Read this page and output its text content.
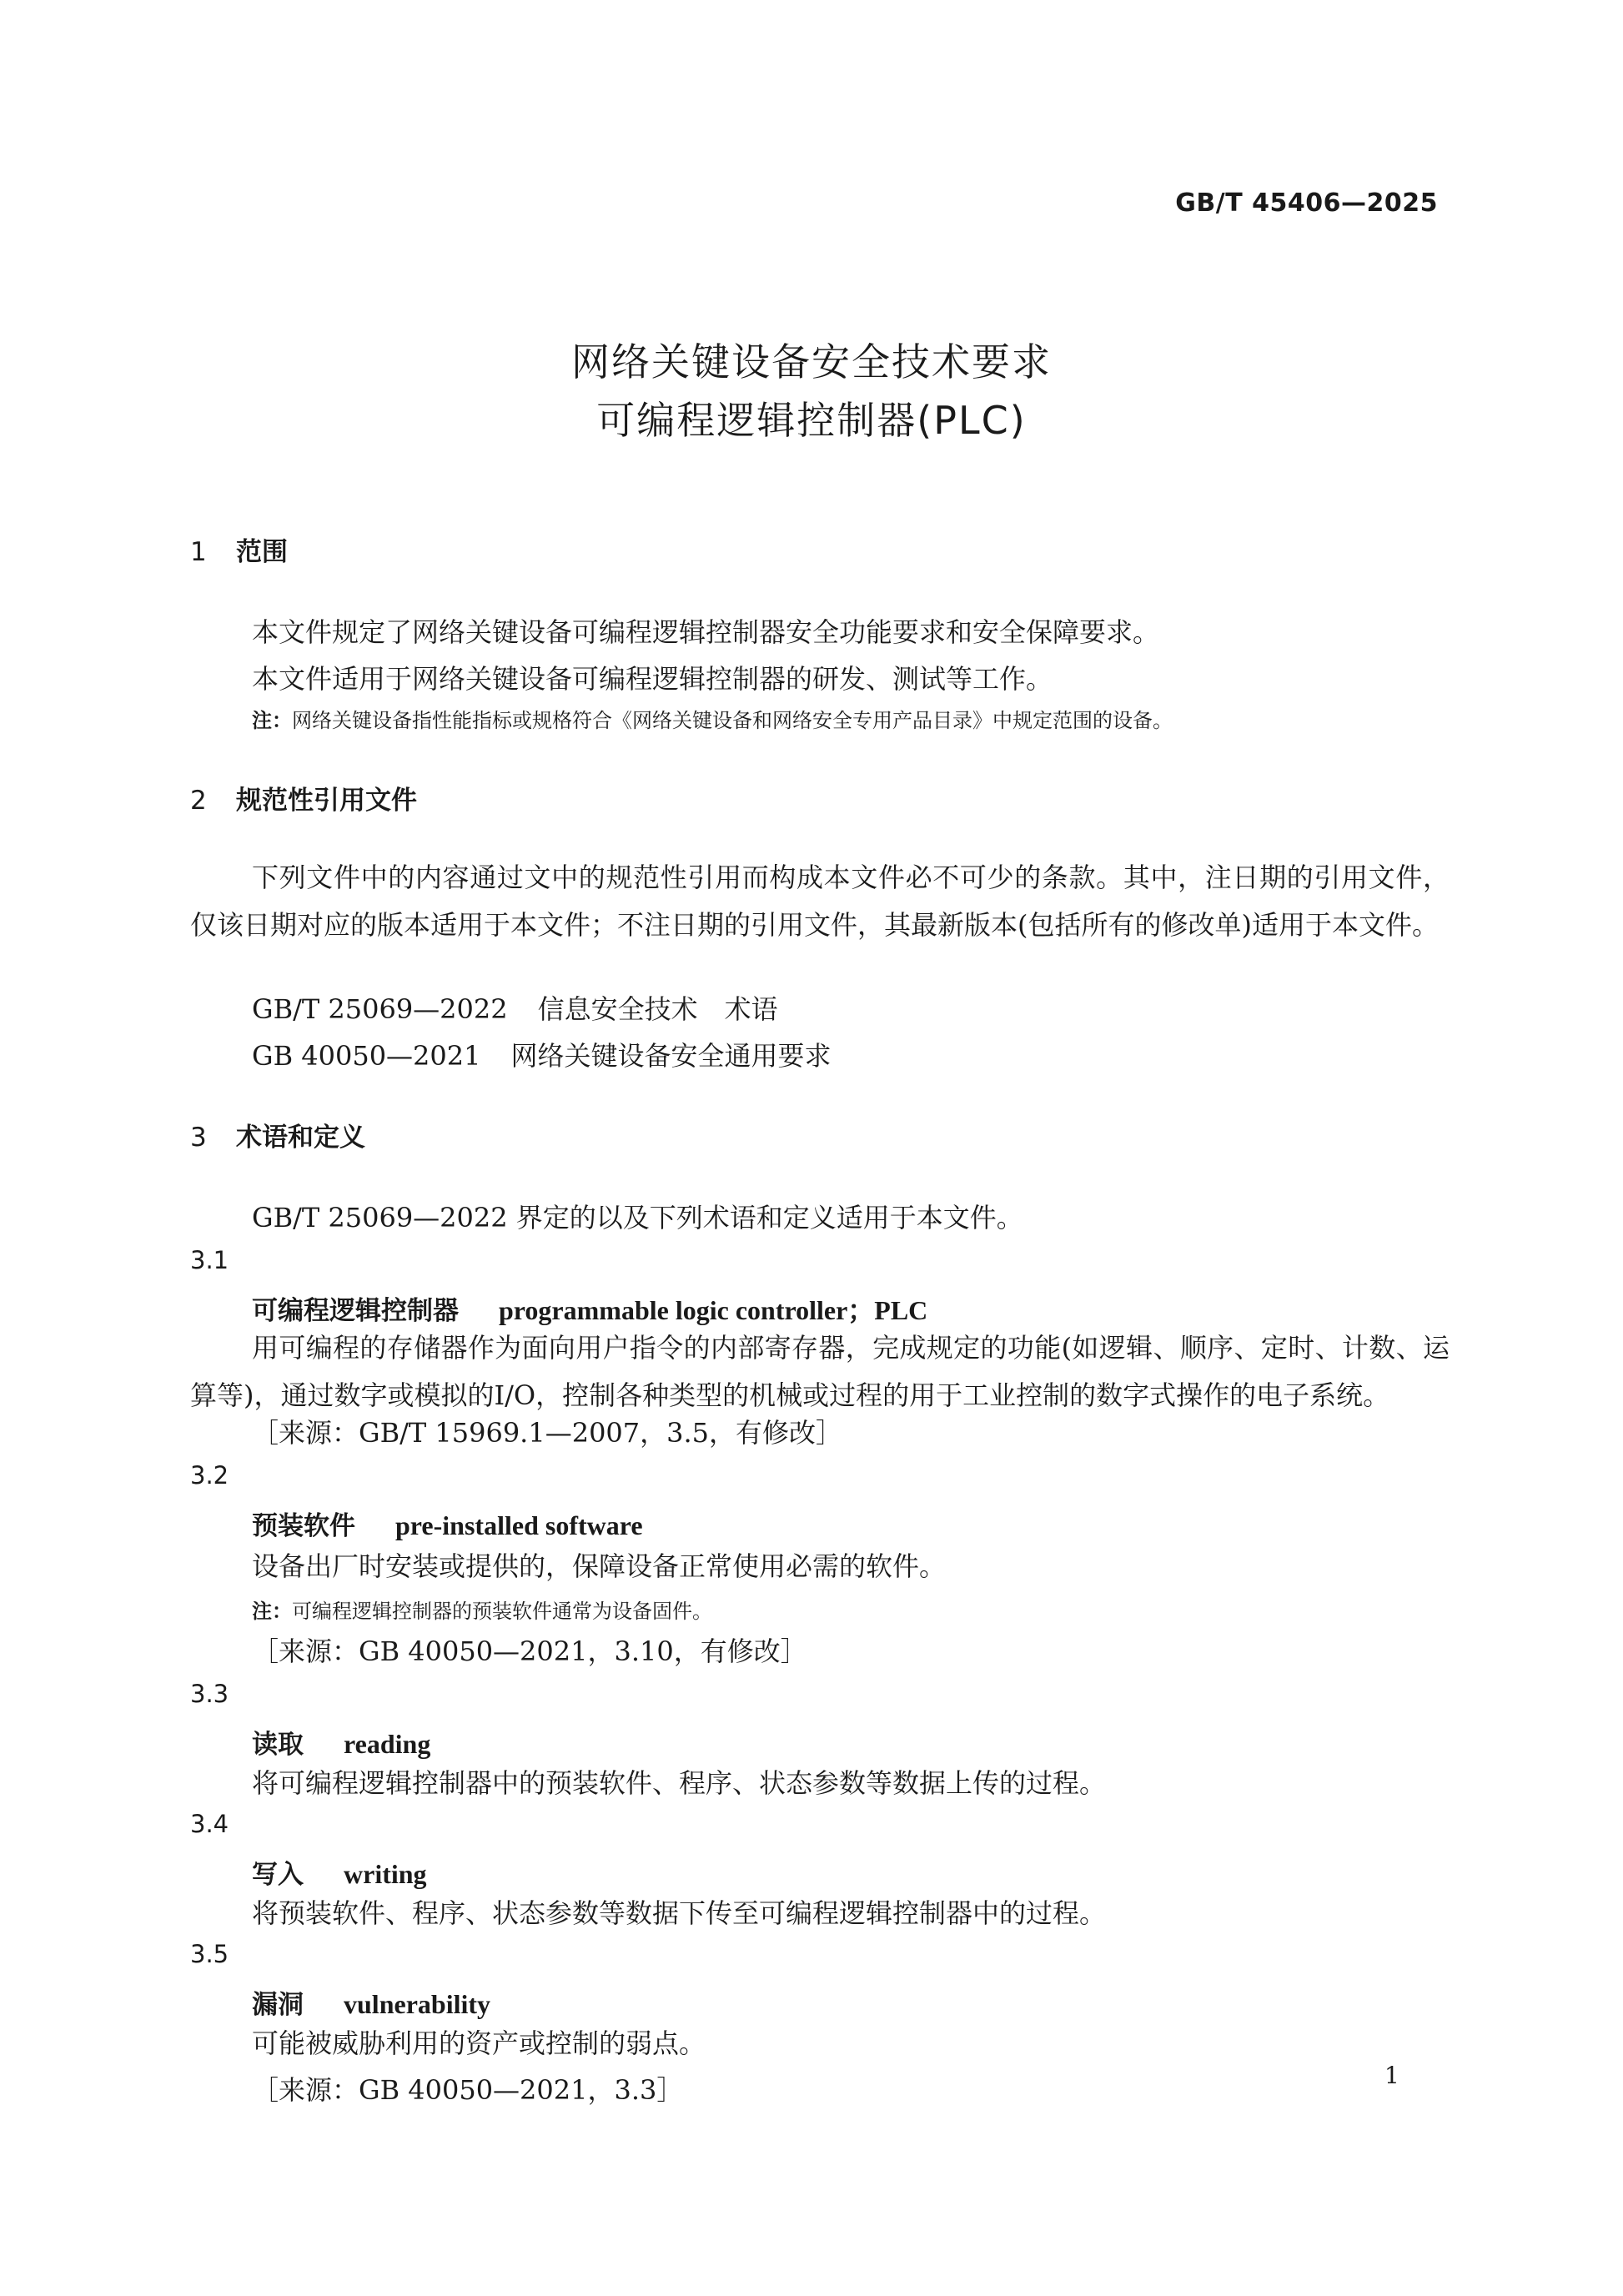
GB/T 45406—2025
网络关键设备安全技术要求
可编程逻辑控制器(PLC)
1 范围
本文件规定了网络关键设备可编程逻辑控制器安全功能要求和安全保障要求。
本文件适用于网络关键设备可编程逻辑控制器的研发、测试等工作。
注：网络关键设备指性能指标或规格符合《网络关键设备和网络安全专用产品目录》中规定范围的设备。
2 规范性引用文件
下列文件中的内容通过文中的规范性引用而构成本文件必不可少的条款。其中，注日期的引用文件，仅该日期对应的版本适用于本文件；不注日期的引用文件，其最新版本(包括所有的修改单)适用于本文件。
GB/T 25069—2022 信息安全技术　术语
GB 40050—2021 网络关键设备安全通用要求
3 术语和定义
GB/T 25069—2022 界定的以及下列术语和定义适用于本文件。
3.1
可编程逻辑控制器 programmable logic controller；PLC
用可编程的存储器作为面向用户指令的内部寄存器，完成规定的功能(如逻辑、顺序、定时、计数、运算等)，通过数字或模拟的I/O，控制各种类型的机械或过程的用于工业控制的数字式操作的电子系统。
［来源：GB/T 15969.1—2007，3.5，有修改］
3.2
预装软件 pre-installed software
设备出厂时安装或提供的，保障设备正常使用必需的软件。
注：可编程逻辑控制器的预装软件通常为设备固件。
［来源：GB 40050—2021，3.10，有修改］
3.3
读取 reading
将可编程逻辑控制器中的预装软件、程序、状态参数等数据上传的过程。
3.4
写入 writing
将预装软件、程序、状态参数等数据下传至可编程逻辑控制器中的过程。
3.5
漏洞 vulnerability
可能被威胁利用的资产或控制的弱点。
［来源：GB 40050—2021，3.3］	1
